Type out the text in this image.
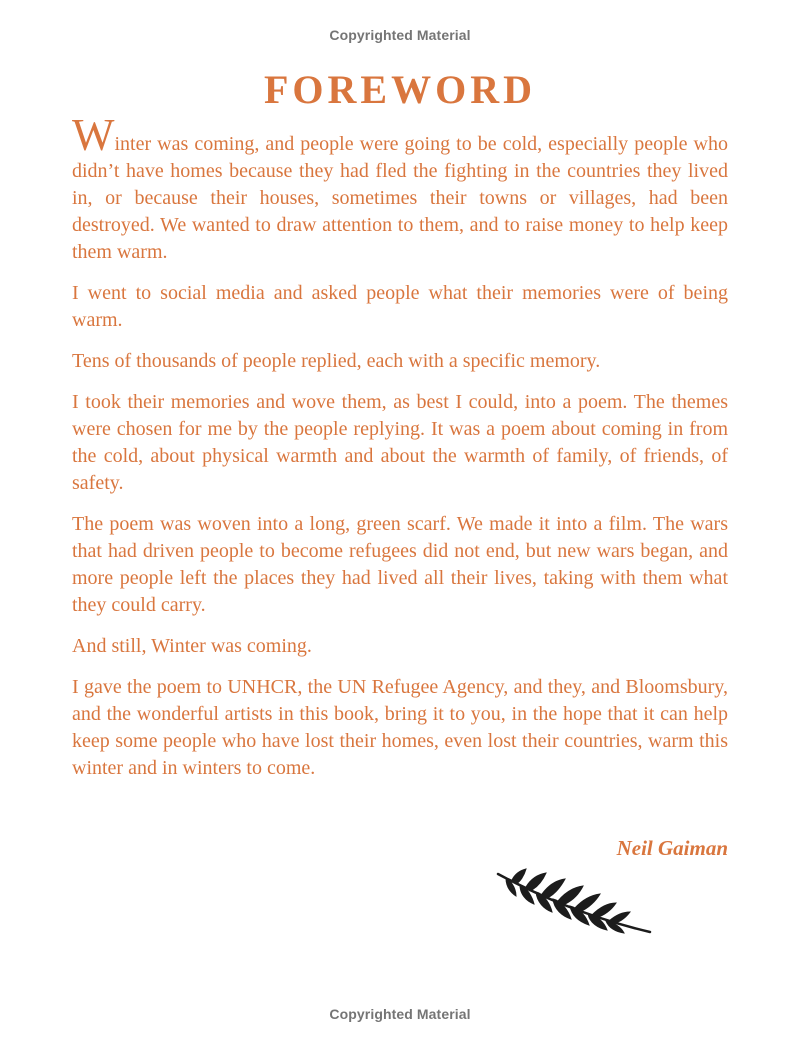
Copyrighted Material
FOREWORD

Winter was coming, and people were going to be cold, especially people who didn’t have homes because they had fled the fighting in the countries they lived in, or because their houses, sometimes their towns or villages, had been destroyed. We wanted to draw attention to them, and to raise money to help keep them warm.

I went to social media and asked people what their memories were of being warm.

Tens of thousands of people replied, each with a specific memory.

I took their memories and wove them, as best I could, into a poem. The themes were chosen for me by the people replying. It was a poem about coming in from the cold, about physical warmth and about the warmth of family, of friends, of safety.

The poem was woven into a long, green scarf. We made it into a film. The wars that had driven people to become refugees did not end, but new wars began, and more people left the places they had lived all their lives, taking with them what they could carry.

And still, Winter was coming.

I gave the poem to UNHCR, the UN Refugee Agency, and they, and Bloomsbury, and the wonderful artists in this book, bring it to you, in the hope that it can help keep some people who have lost their homes, even lost their countries, warm this winter and in winters to come.

Neil Gaiman
Copyrighted Material
